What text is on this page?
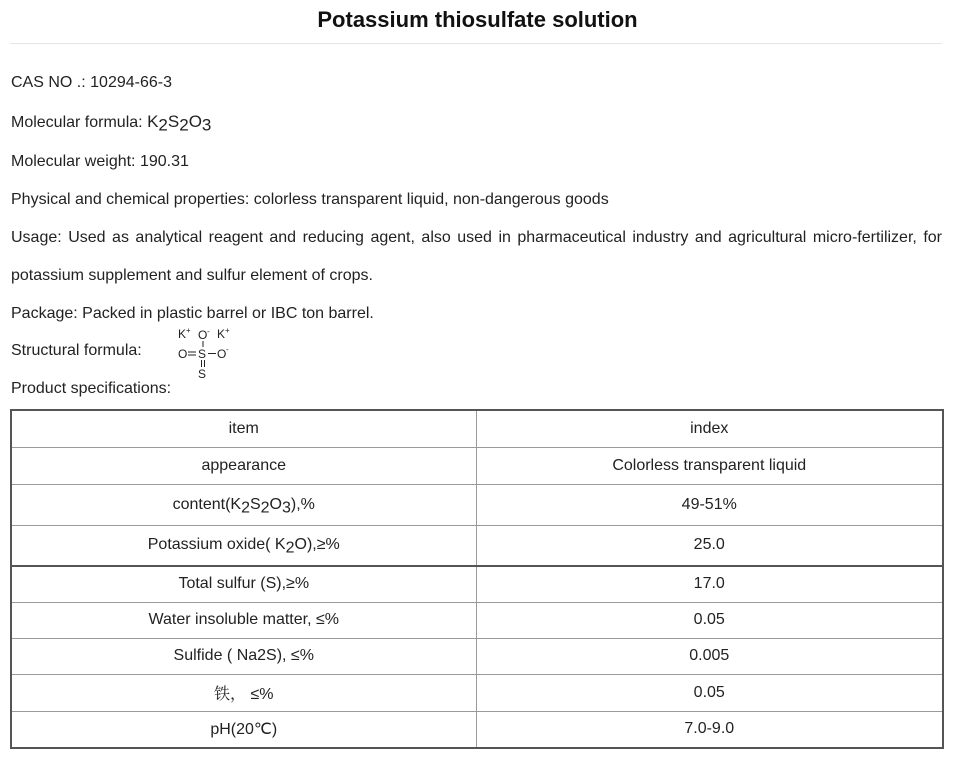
Potassium thiosulfate solution
CAS NO .: 10294-66-3
Molecular formula: $K_2S_2O_3$
Molecular weight: 190.31
Physical and chemical properties: colorless transparent liquid, non-dangerous goods
Usage: Used as analytical reagent and reducing agent, also used in pharmaceutical industry and agricultural micro-fertilizer, for
potassium supplement and sulfur element of crops.
Package: Packed in plastic barrel or IBC ton barrel.
Structural formula:
K + O - K +
O S O -
S
Product specifications:
item	index
appearance	Colorless transparent liquid
$content(K_2S_2O_3),\%$	49-51%
Potassium oxide( $K_2O),\ge\%$	25.0
Total sulfur (S),≥%	17.0
Water insoluble matter, ≤%	0.05
Sulfide ( Na2S), ≤%	0.005
铁， ≤%	0.05
pH(20℃)	7.0-9.0
